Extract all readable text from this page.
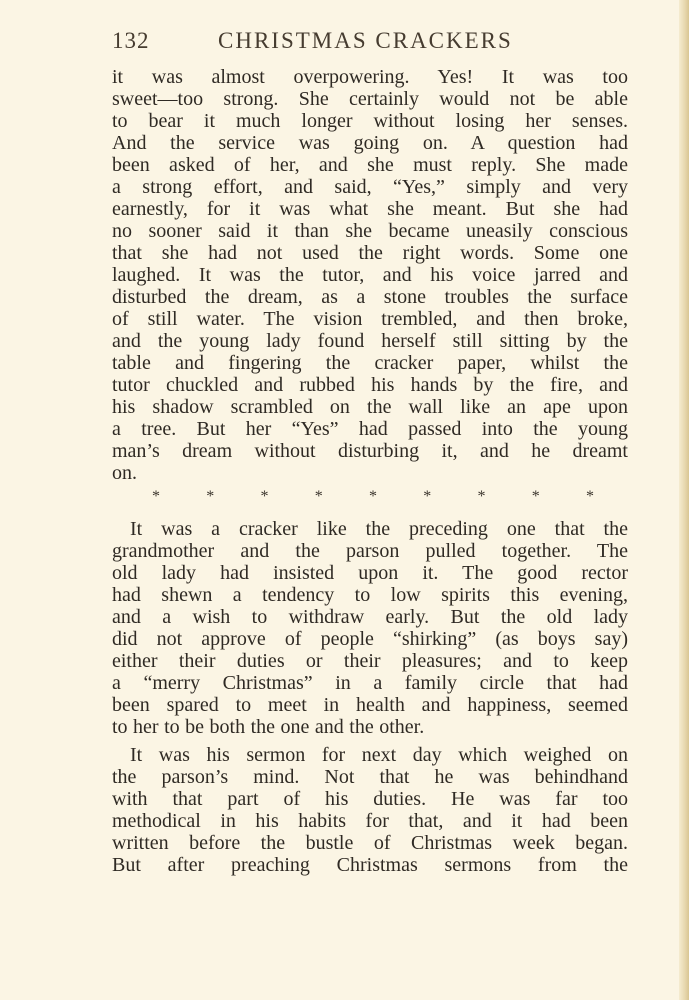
132	CHRISTMAS CRACKERS
it was almost overpowering. Yes! It was too
sweet—too strong. She certainly would not be able
to bear it much longer without losing her senses.
And the service was going on. A question had
been asked of her, and she must reply. She made
a strong effort, and said, “Yes,” simply and very
earnestly, for it was what she meant. But she had
no sooner said it than she became uneasily conscious
that she had not used the right words. Some one
laughed. It was the tutor, and his voice jarred and
disturbed the dream, as a stone troubles the surface
of still water. The vision trembled, and then broke,
and the young lady found herself still sitting by the
table and fingering the cracker paper, whilst the
tutor chuckled and rubbed his hands by the fire, and
his shadow scrambled on the wall like an ape upon
a tree. But her “Yes” had passed into the young
man’s dream without disturbing it, and he dreamt
on.
*	*	*	*	*	*	*	*	*
It was a cracker like the preceding one that the
grandmother and the parson pulled together. The
old lady had insisted upon it. The good rector
had shewn a tendency to low spirits this evening,
and a wish to withdraw early. But the old lady
did not approve of people “shirking” (as boys say)
either their duties or their pleasures; and to keep
a “merry Christmas” in a family circle that had
been spared to meet in health and happiness, seemed
to her to be both the one and the other.
It was his sermon for next day which weighed on
the parson’s mind. Not that he was behindhand
with that part of his duties. He was far too
methodical in his habits for that, and it had been
written before the bustle of Christmas week began.
But after preaching Christmas sermons from the
